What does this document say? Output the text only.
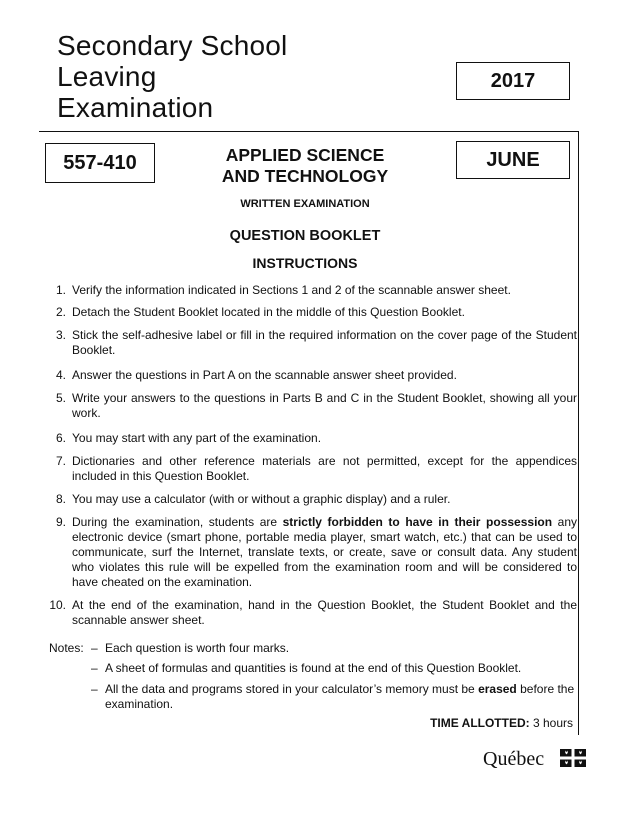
Secondary School
Leaving
Examination
2017
557-410	JUNE
APPLIED SCIENCE
AND TECHNOLOGY
WRITTEN EXAMINATION
QUESTION BOOKLET
INSTRUCTIONS
1. Verify the information indicated in Sections 1 and 2 of the scannable answer sheet.
2. Detach the Student Booklet located in the middle of this Question Booklet.
3. Stick the self-adhesive label or fill in the required information on the cover page of the Student Booklet.
4. Answer the questions in Part A on the scannable answer sheet provided.
5. Write your answers to the questions in Parts B and C in the Student Booklet, showing all your work.
6. You may start with any part of the examination.
7. Dictionaries and other reference materials are not permitted, except for the appendices included in this Question Booklet.
8. You may use a calculator (with or without a graphic display) and a ruler.
9. During the examination, students are strictly forbidden to have in their possession any electronic device (smart phone, portable media player, smart watch, etc.) that can be used to communicate, surf the Internet, translate texts, or create, save or consult data. Any student who violates this rule will be expelled from the examination room and will be considered to have cheated on the examination.
10. At the end of the examination, hand in the Question Booklet, the Student Booklet and the scannable answer sheet.
Notes: – Each question is worth four marks.
– A sheet of formulas and quantities is found at the end of this Question Booklet.
– All the data and programs stored in your calculator’s memory must be erased before the examination.
TIME ALLOTTED: 3 hours
Québec
